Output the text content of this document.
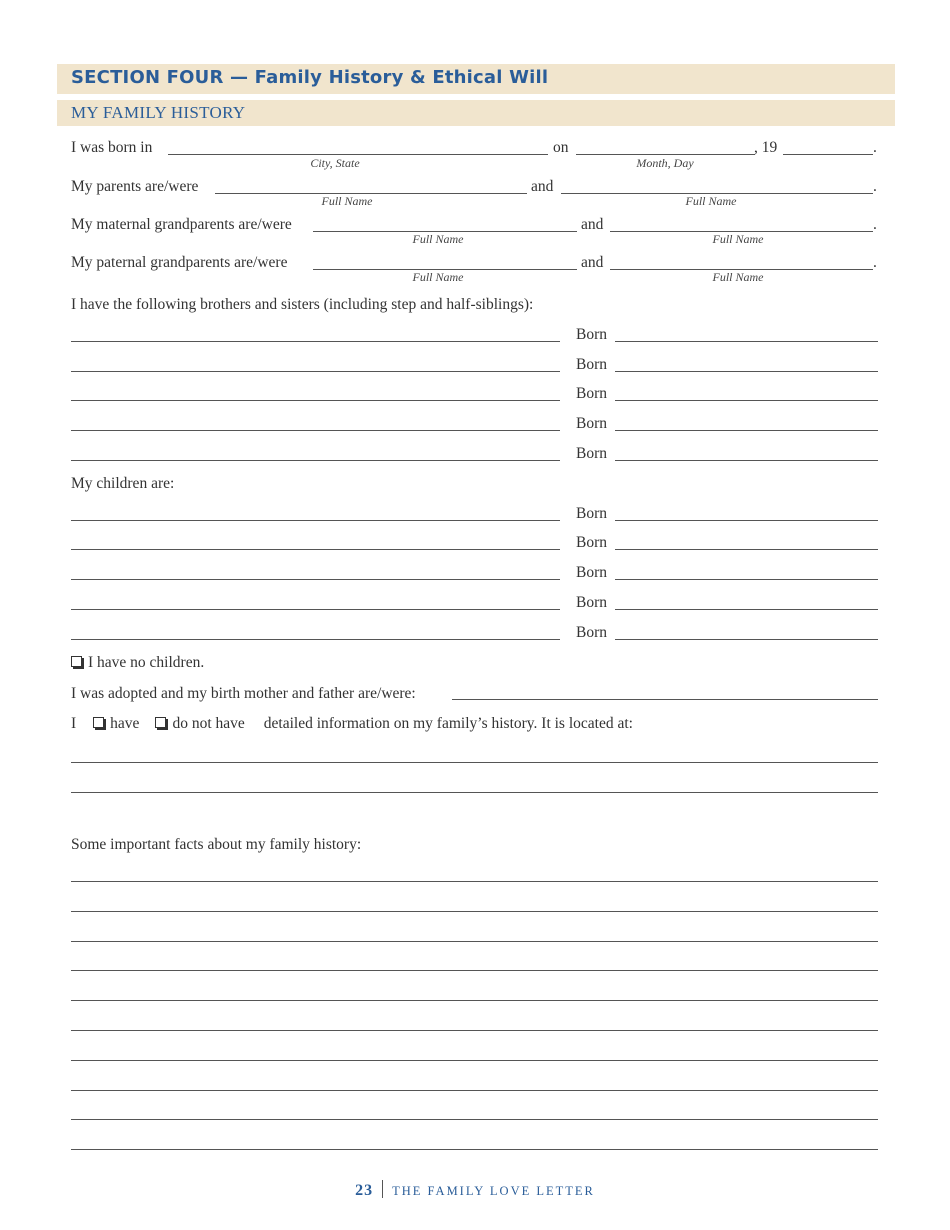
SECTION FOUR — Family History & Ethical Will
MY FAMILY HISTORY
I was born in	on	, 19	.
City, State	Month, Day
My parents are/were	and	.
Full Name	Full Name
My maternal grandparents are/were	and	.
Full Name	Full Name
My paternal grandparents are/were	and	.
Full Name	Full Name
I have the following brothers and sisters (including step and half-siblings):
Born
Born
Born
Born
Born
My children are:
Born
Born
Born
Born
Born
I have no children.
I was adopted and my birth mother and father are/were:
I have do not have detailed information on my family’s history. It is located at:
Some important facts about my family history:
23 THE FAMILY LOVE LETTER
